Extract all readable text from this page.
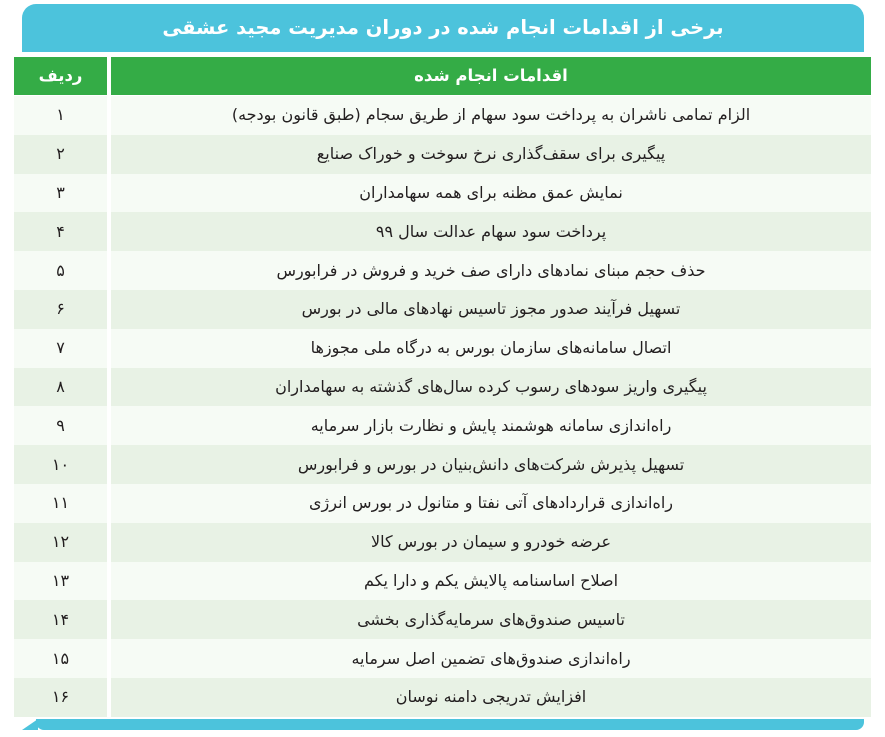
برخی از اقدامات انجام شده در دوران مدیریت مجید عشقی
اقدامات انجام شده
ردیف
الزام تمامی ناشران به پرداخت سود سهام از طریق سجام (طبق قانون بودجه)
۱
پیگیری برای سقف‌گذاری نرخ سوخت و خوراک صنایع
۲
نمایش عمق مظنه برای همه سهامداران
۳
پرداخت سود سهام عدالت سال ۹۹
۴
حذف حجم مبنای نمادهای دارای صف خرید و فروش در فرابورس
۵
تسهیل فرآیند صدور مجوز تاسیس نهادهای مالی در بورس
۶
اتصال سامانه‌های سازمان بورس به درگاه ملی مجوزها
۷
پیگیری واریز سودهای رسوب کرده سال‌های گذشته به سهامداران
۸
راه‌اندازی سامانه هوشمند پایش و نظارت بازار سرمایه
۹
تسهیل پذیرش شرکت‌های دانش‌بنیان در بورس و فرابورس
۱۰
راه‌اندازی قراردادهای آتی نفتا و متانول در بورس انرژی
۱۱
عرضه خودرو و سیمان در بورس کالا
۱۲
اصلاح اساسنامه پالایش یکم و دارا یکم
۱۳
تاسیس صندوق‌های سرمایه‌گذاری بخشی
۱۴
راه‌اندازی صندوق‌های تضمین اصل سرمایه
۱۵
افزایش تدریجی دامنه نوسان
۱۶
